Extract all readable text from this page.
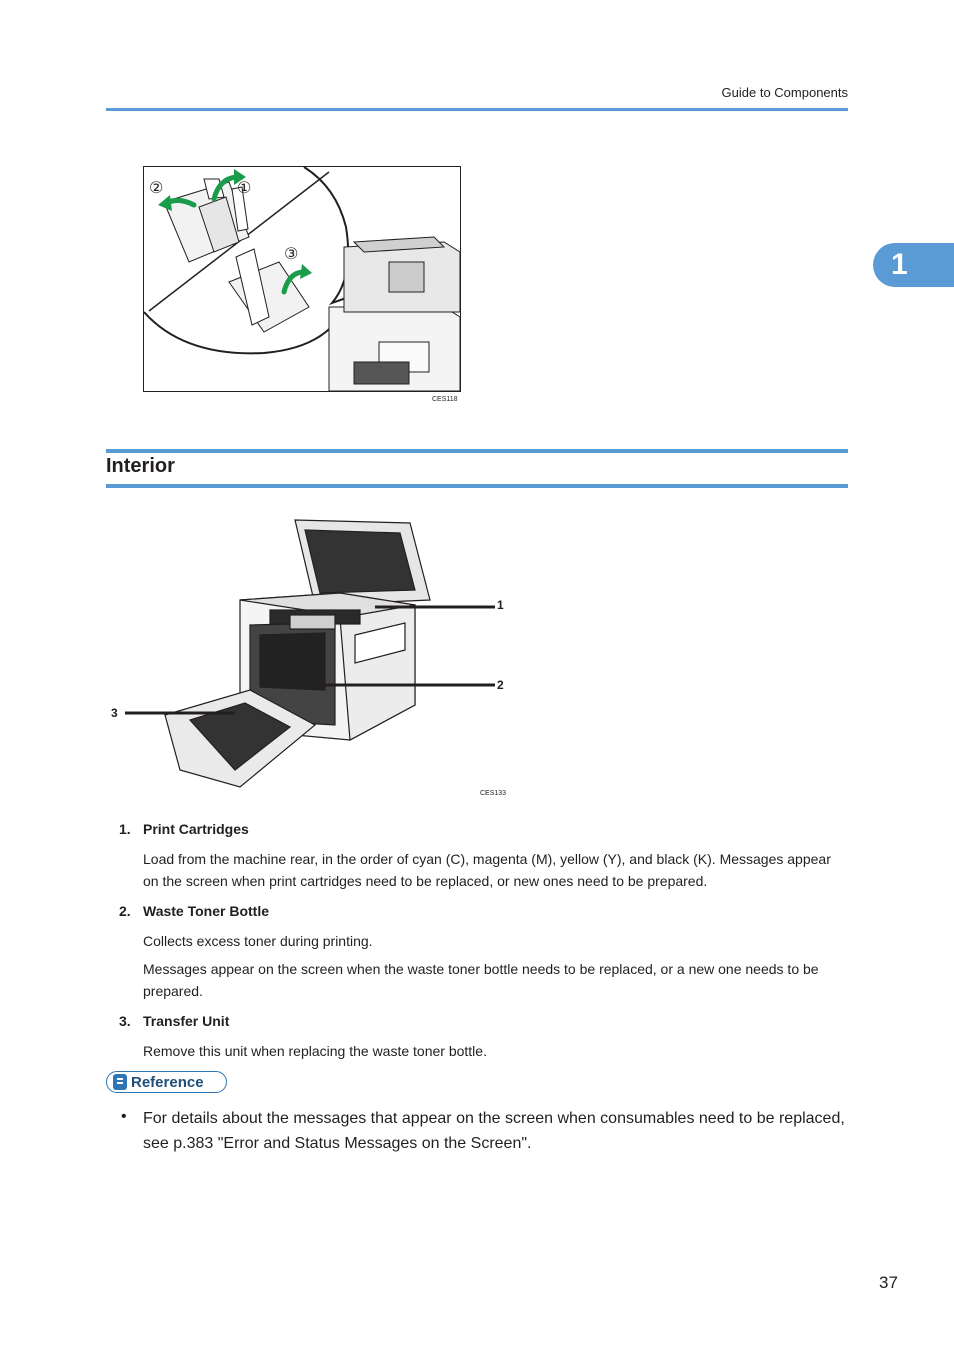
Guide to Components
1
②	①
③
CES118
Interior
1
2
3
CES133
1. Print Cartridges
Load from the machine rear, in the order of cyan (C), magenta (M), yellow (Y), and black (K). Messages appear on the screen when print cartridges need to be replaced, or new ones need to be prepared.
2. Waste Toner Bottle
Collects excess toner during printing.
Messages appear on the screen when the waste toner bottle needs to be replaced, or a new one needs to be prepared.
3. Transfer Unit
Remove this unit when replacing the waste toner bottle.
Reference
• For details about the messages that appear on the screen when consumables need to be replaced, see p.383 "Error and Status Messages on the Screen".
37
